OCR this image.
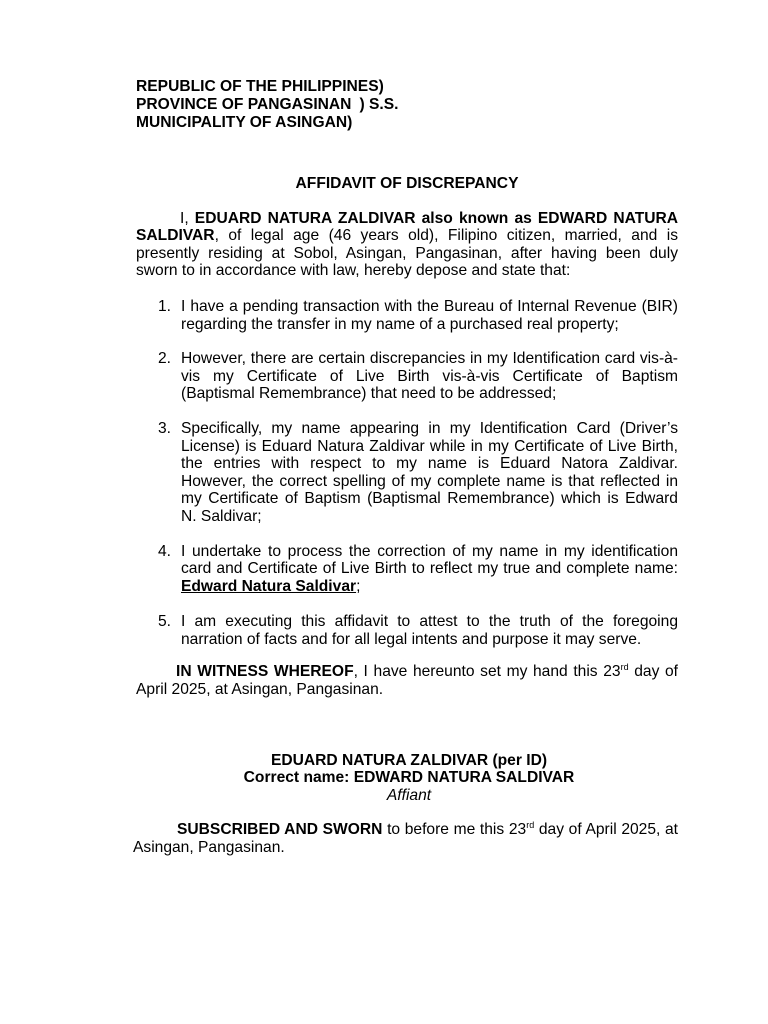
REPUBLIC OF THE PHILIPPINES)
PROVINCE OF PANGASINAN ) S.S.
MUNICIPALITY OF ASINGAN)
AFFIDAVIT OF DISCREPANCY
I, EDUARD NATURA ZALDIVAR also known as EDWARD NATURA SALDIVAR, of legal age (46 years old), Filipino citizen, married, and is presently residing at Sobol, Asingan, Pangasinan, after having been duly sworn to in accordance with law, hereby depose and state that:
1. I have a pending transaction with the Bureau of Internal Revenue (BIR) regarding the transfer in my name of a purchased real property;
2. However, there are certain discrepancies in my Identification card vis-à-vis my Certificate of Live Birth vis-à-vis Certificate of Baptism (Baptismal Remembrance) that need to be addressed;
3. Specifically, my name appearing in my Identification Card (Driver’s License) is Eduard Natura Zaldivar while in my Certificate of Live Birth, the entries with respect to my name is Eduard Natora Zaldivar. However, the correct spelling of my complete name is that reflected in my Certificate of Baptism (Baptismal Remembrance) which is Edward N. Saldivar;
4. I undertake to process the correction of my name in my identification card and Certificate of Live Birth to reflect my true and complete name: Edward Natura Saldivar;
5. I am executing this affidavit to attest to the truth of the foregoing narration of facts and for all legal intents and purpose it may serve.
IN WITNESS WHEREOF, I have hereunto set my hand this 23rd day of April 2025, at Asingan, Pangasinan.
EDUARD NATURA ZALDIVAR (per ID)
Correct name: EDWARD NATURA SALDIVAR
Affiant
SUBSCRIBED AND SWORN to before me this 23rd day of April 2025, at Asingan, Pangasinan.
